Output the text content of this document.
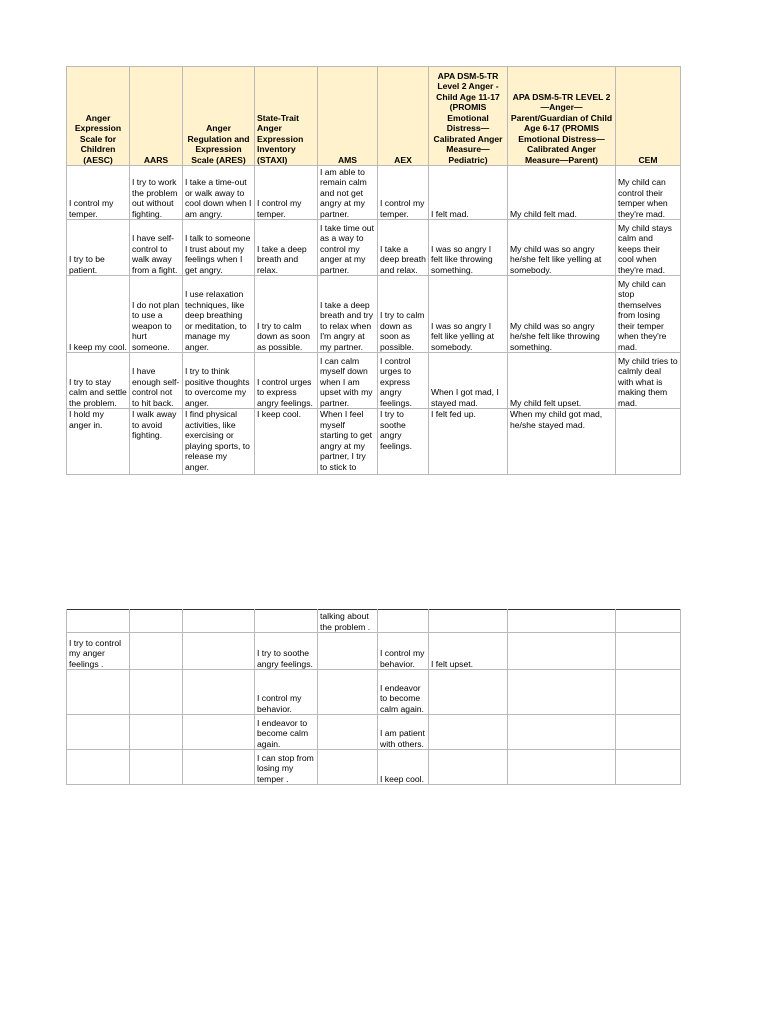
Anger Expression Scale for Children (AESC)	AARS	Anger Regulation and Expression Scale (ARES)	State-Trait Anger Expression Inventory (STAXI)	AMS	AEX	APA DSM-5-TR Level 2 Anger - Child Age 11-17 (PROMIS Emotional Distress—Calibrated Anger Measure—Pediatric)	APA DSM-5-TR LEVEL 2—Anger—Parent/Guardian of Child Age 6-17 (PROMIS Emotional Distress—Calibrated Anger Measure—Parent)	CEM
I control my temper.	I try to work the problem out without fighting.	I take a time-out or walk away to cool down when I am angry.	I control my temper.	I am able to remain calm and not get angry at my partner.	I control my temper.	I felt mad.	My child felt mad.	My child can control their temper when they're mad.
I try to be patient.	I have self-control to walk away from a fight.	I talk to someone I trust about my feelings when I get angry.	I take a deep breath and relax.	I take time out as a way to control my anger at my partner.	I take a deep breath and relax.	I was so angry I felt like throwing something.	My child was so angry he/she felt like yelling at somebody.	My child stays calm and keeps their cool when they're mad.
I keep my cool.	I do not plan to use a weapon to hurt someone.	I use relaxation techniques, like deep breathing or meditation, to manage my anger.	I try to calm down as soon as possible.	I take a deep breath and try to relax when I'm angry at my partner.	I try to calm down as soon as possible.	I was so angry I felt like yelling at somebody.	My child was so angry he/she felt like throwing something.	My child can stop themselves from losing their temper when they're mad.
I try to stay calm and settle the problem.	I have enough self-control not to hit back.	I try to think positive thoughts to overcome my anger.	I control urges to express angry feelings.	I can calm myself down when I am upset with my partner.	I control urges to express angry feelings.	When I got mad, I stayed mad.	My child felt upset.	My child tries to calmly deal with what is making them mad.
I hold my anger in.	I walk away to avoid fighting.	I find physical activities, like exercising or playing sports, to release my anger.	I keep cool.	When I feel myself starting to get angry at my partner, I try to stick to	I try to soothe angry feelings.	I felt fed up.	When my child got mad, he/she stayed mad.	
				talking about the problem .				
I try to control my anger feelings .			I try to soothe angry feelings.		I control my behavior.	I felt upset.		
			I control my behavior.		I endeavor to become calm again.			
			I endeavor to become calm again.		I am patient with others.			
			I can stop from losing my temper .		I keep cool.			
